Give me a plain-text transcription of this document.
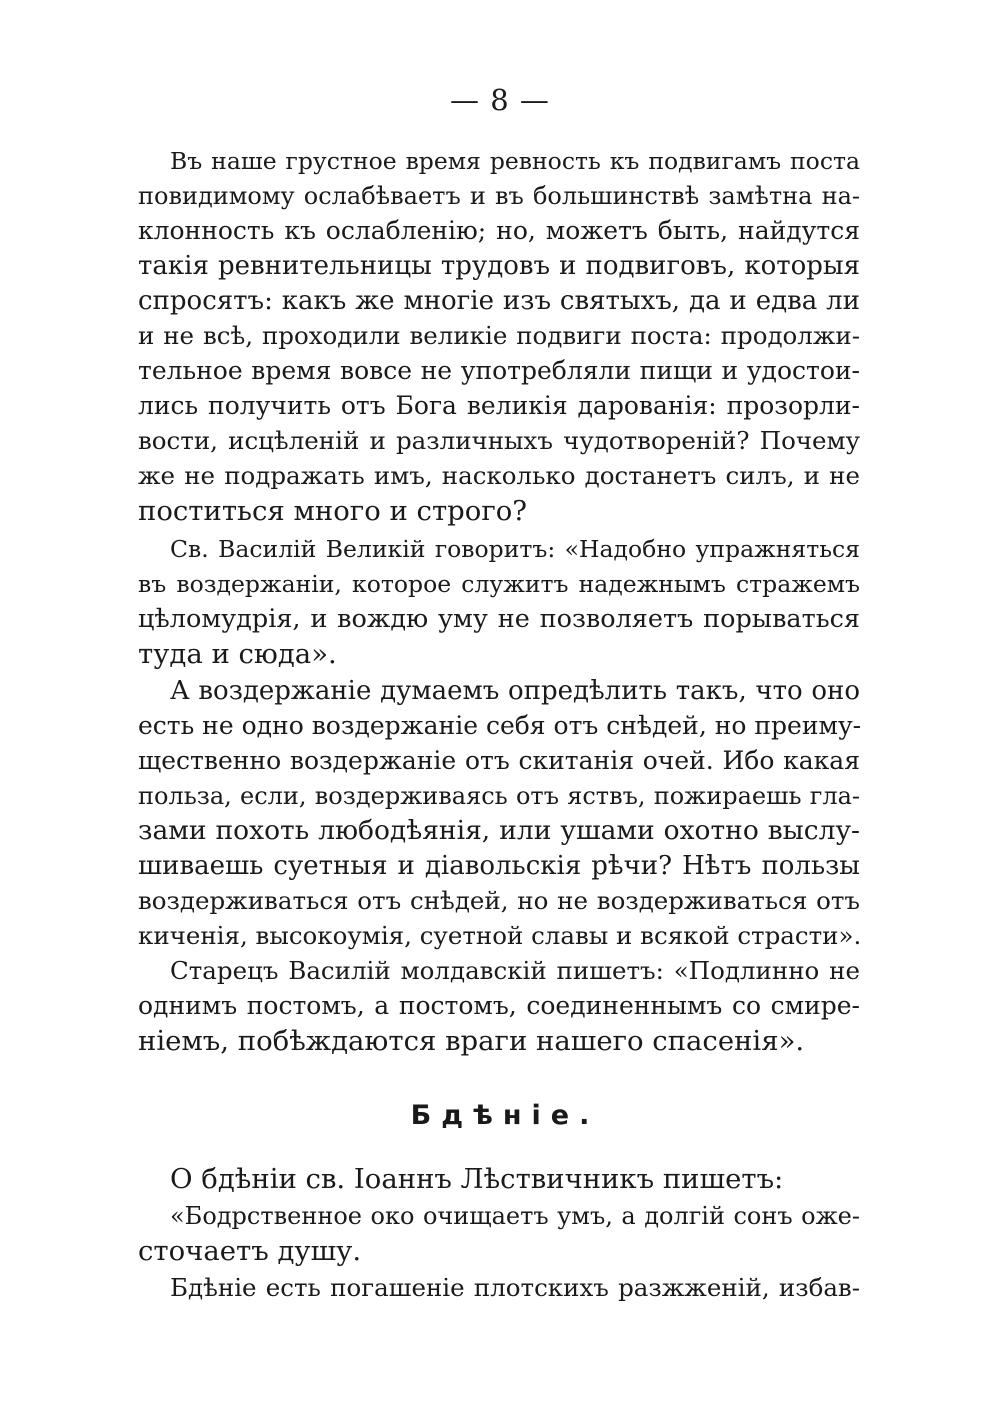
— 8 —
Въ наше грустное время ревность къ подвигамъ поста
повидимому ослабѣваетъ и въ большинствѣ замѣтна на-
клонность къ ослабленію; но, можетъ быть, найдутся
такія ревнительницы трудовъ и подвиговъ, которыя
спросятъ: какъ же многіе изъ святыхъ, да и едва ли
и не всѣ, проходили великіе подвиги поста: продолжи-
тельное время вовсе не употребляли пищи и удостои-
лись получить отъ Бога великія дарованія: прозорли-
вости, исцѣленій и различныхъ чудотвореній? Почему
же не подражать имъ, насколько достанетъ силъ, и не
поститься много и строго?
Св. Василій Великій говоритъ: «Надобно упражняться
въ воздержаніи, которое служитъ надежнымъ стражемъ
цѣломудрія, и вождю уму не позволяетъ порываться
туда и сюда».
А воздержаніе думаемъ опредѣлить такъ, что оно
есть не одно воздержаніе себя отъ снѣдей, но преиму-
щественно воздержаніе отъ скитанія очей. Ибо какая
польза, если, воздерживаясь отъ яствъ, пожираешь гла-
зами похоть любодѣянія, или ушами охотно выслу-
шиваешь суетныя и діавольскія рѣчи? Нѣтъ пользы
воздерживаться отъ снѣдей, но не воздерживаться отъ
киченія, высокоумія, суетной славы и всякой страсти».
Старецъ Василій молдавскій пишетъ: «Подлинно не
однимъ постомъ, а постомъ, соединеннымъ со смире-
ніемъ, побѣждаются враги нашего спасенія».
Бдѣніе.
О бдѣніи св. Іоаннъ Лѣствичникъ пишетъ:
«Бодрственное око очищаетъ умъ, а долгій сонъ оже-
сточаетъ душу.
Бдѣніе есть погашеніе плотскихъ разжженій, избав-
